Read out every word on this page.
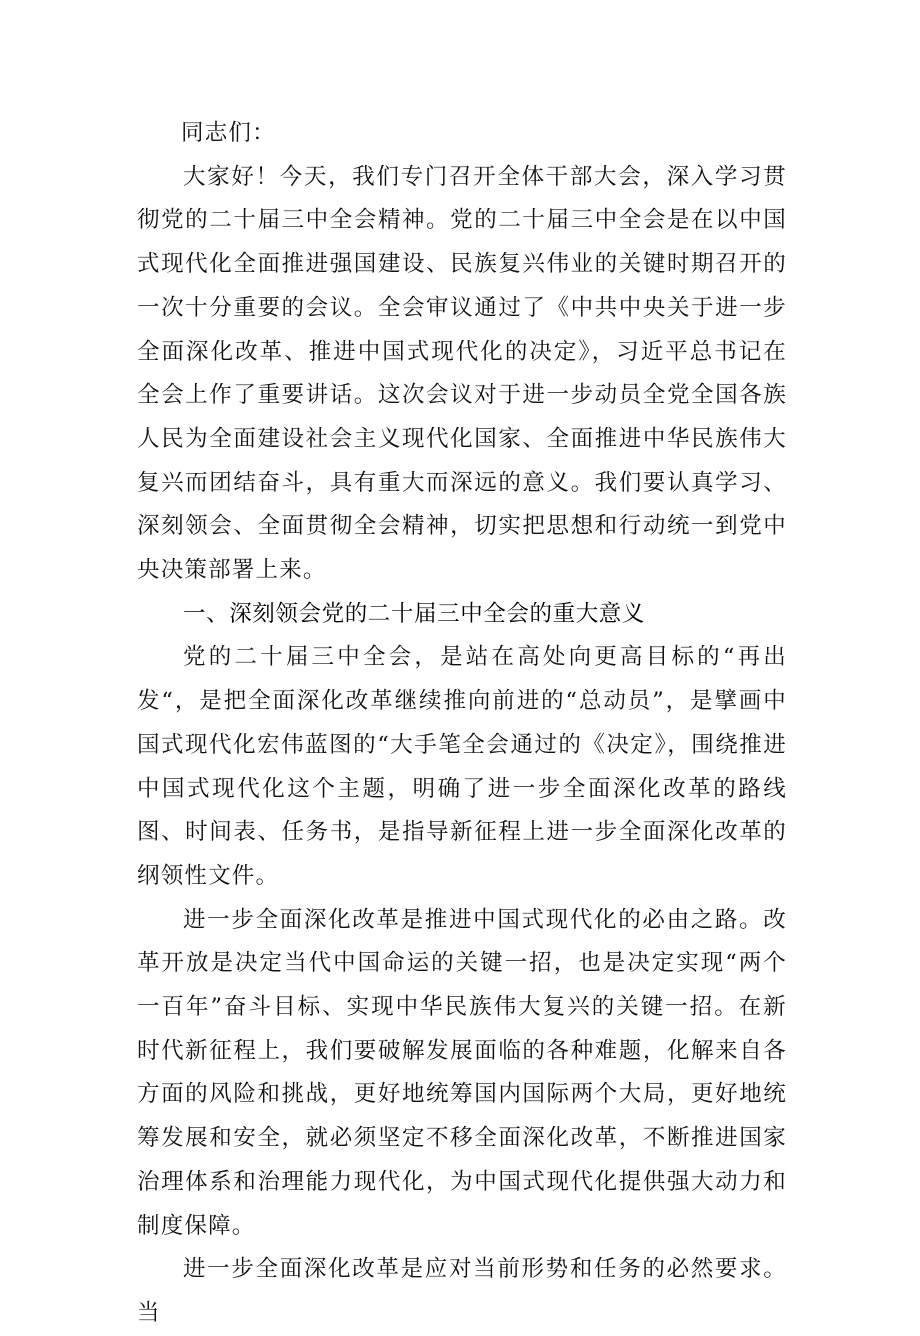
同志们：

大家好！今天，我们专门召开全体干部大会，深入学习贯彻党的二十届三中全会精神。党的二十届三中全会是在以中国式现代化全面推进强国建设、民族复兴伟业的关键时期召开的一次十分重要的会议。全会审议通过了《中共中央关于进一步全面深化改革、推进中国式现代化的决定》，习近平总书记在全会上作了重要讲话。这次会议对于进一步动员全党全国各族人民为全面建设社会主义现代化国家、全面推进中华民族伟大复兴而团结奋斗，具有重大而深远的意义。我们要认真学习、深刻领会、全面贯彻全会精神，切实把思想和行动统一到党中央决策部署上来。

一、深刻领会党的二十届三中全会的重大意义

党的二十届三中全会，是站在高处向更高目标的“再出发“，是把全面深化改革继续推向前进的“总动员”，是擘画中国式现代化宏伟蓝图的“大手笔全会通过的《决定》，围绕推进中国式现代化这个主题，明确了进一步全面深化改革的路线图、时间表、任务书，是指导新征程上进一步全面深化改革的纲领性文件。

进一步全面深化改革是推进中国式现代化的必由之路。改革开放是决定当代中国命运的关键一招，也是决定实现“两个一百年”奋斗目标、实现中华民族伟大复兴的关键一招。在新时代新征程上，我们要破解发展面临的各种难题，化解来自各方面的风险和挑战，更好地统筹国内国际两个大局，更好地统筹发展和安全，就必须坚定不移全面深化改革，不断推进国家治理体系和治理能力现代化，为中国式现代化提供强大动力和制度保障。

进一步全面深化改革是应对当前形势和任务的必然要求。当
